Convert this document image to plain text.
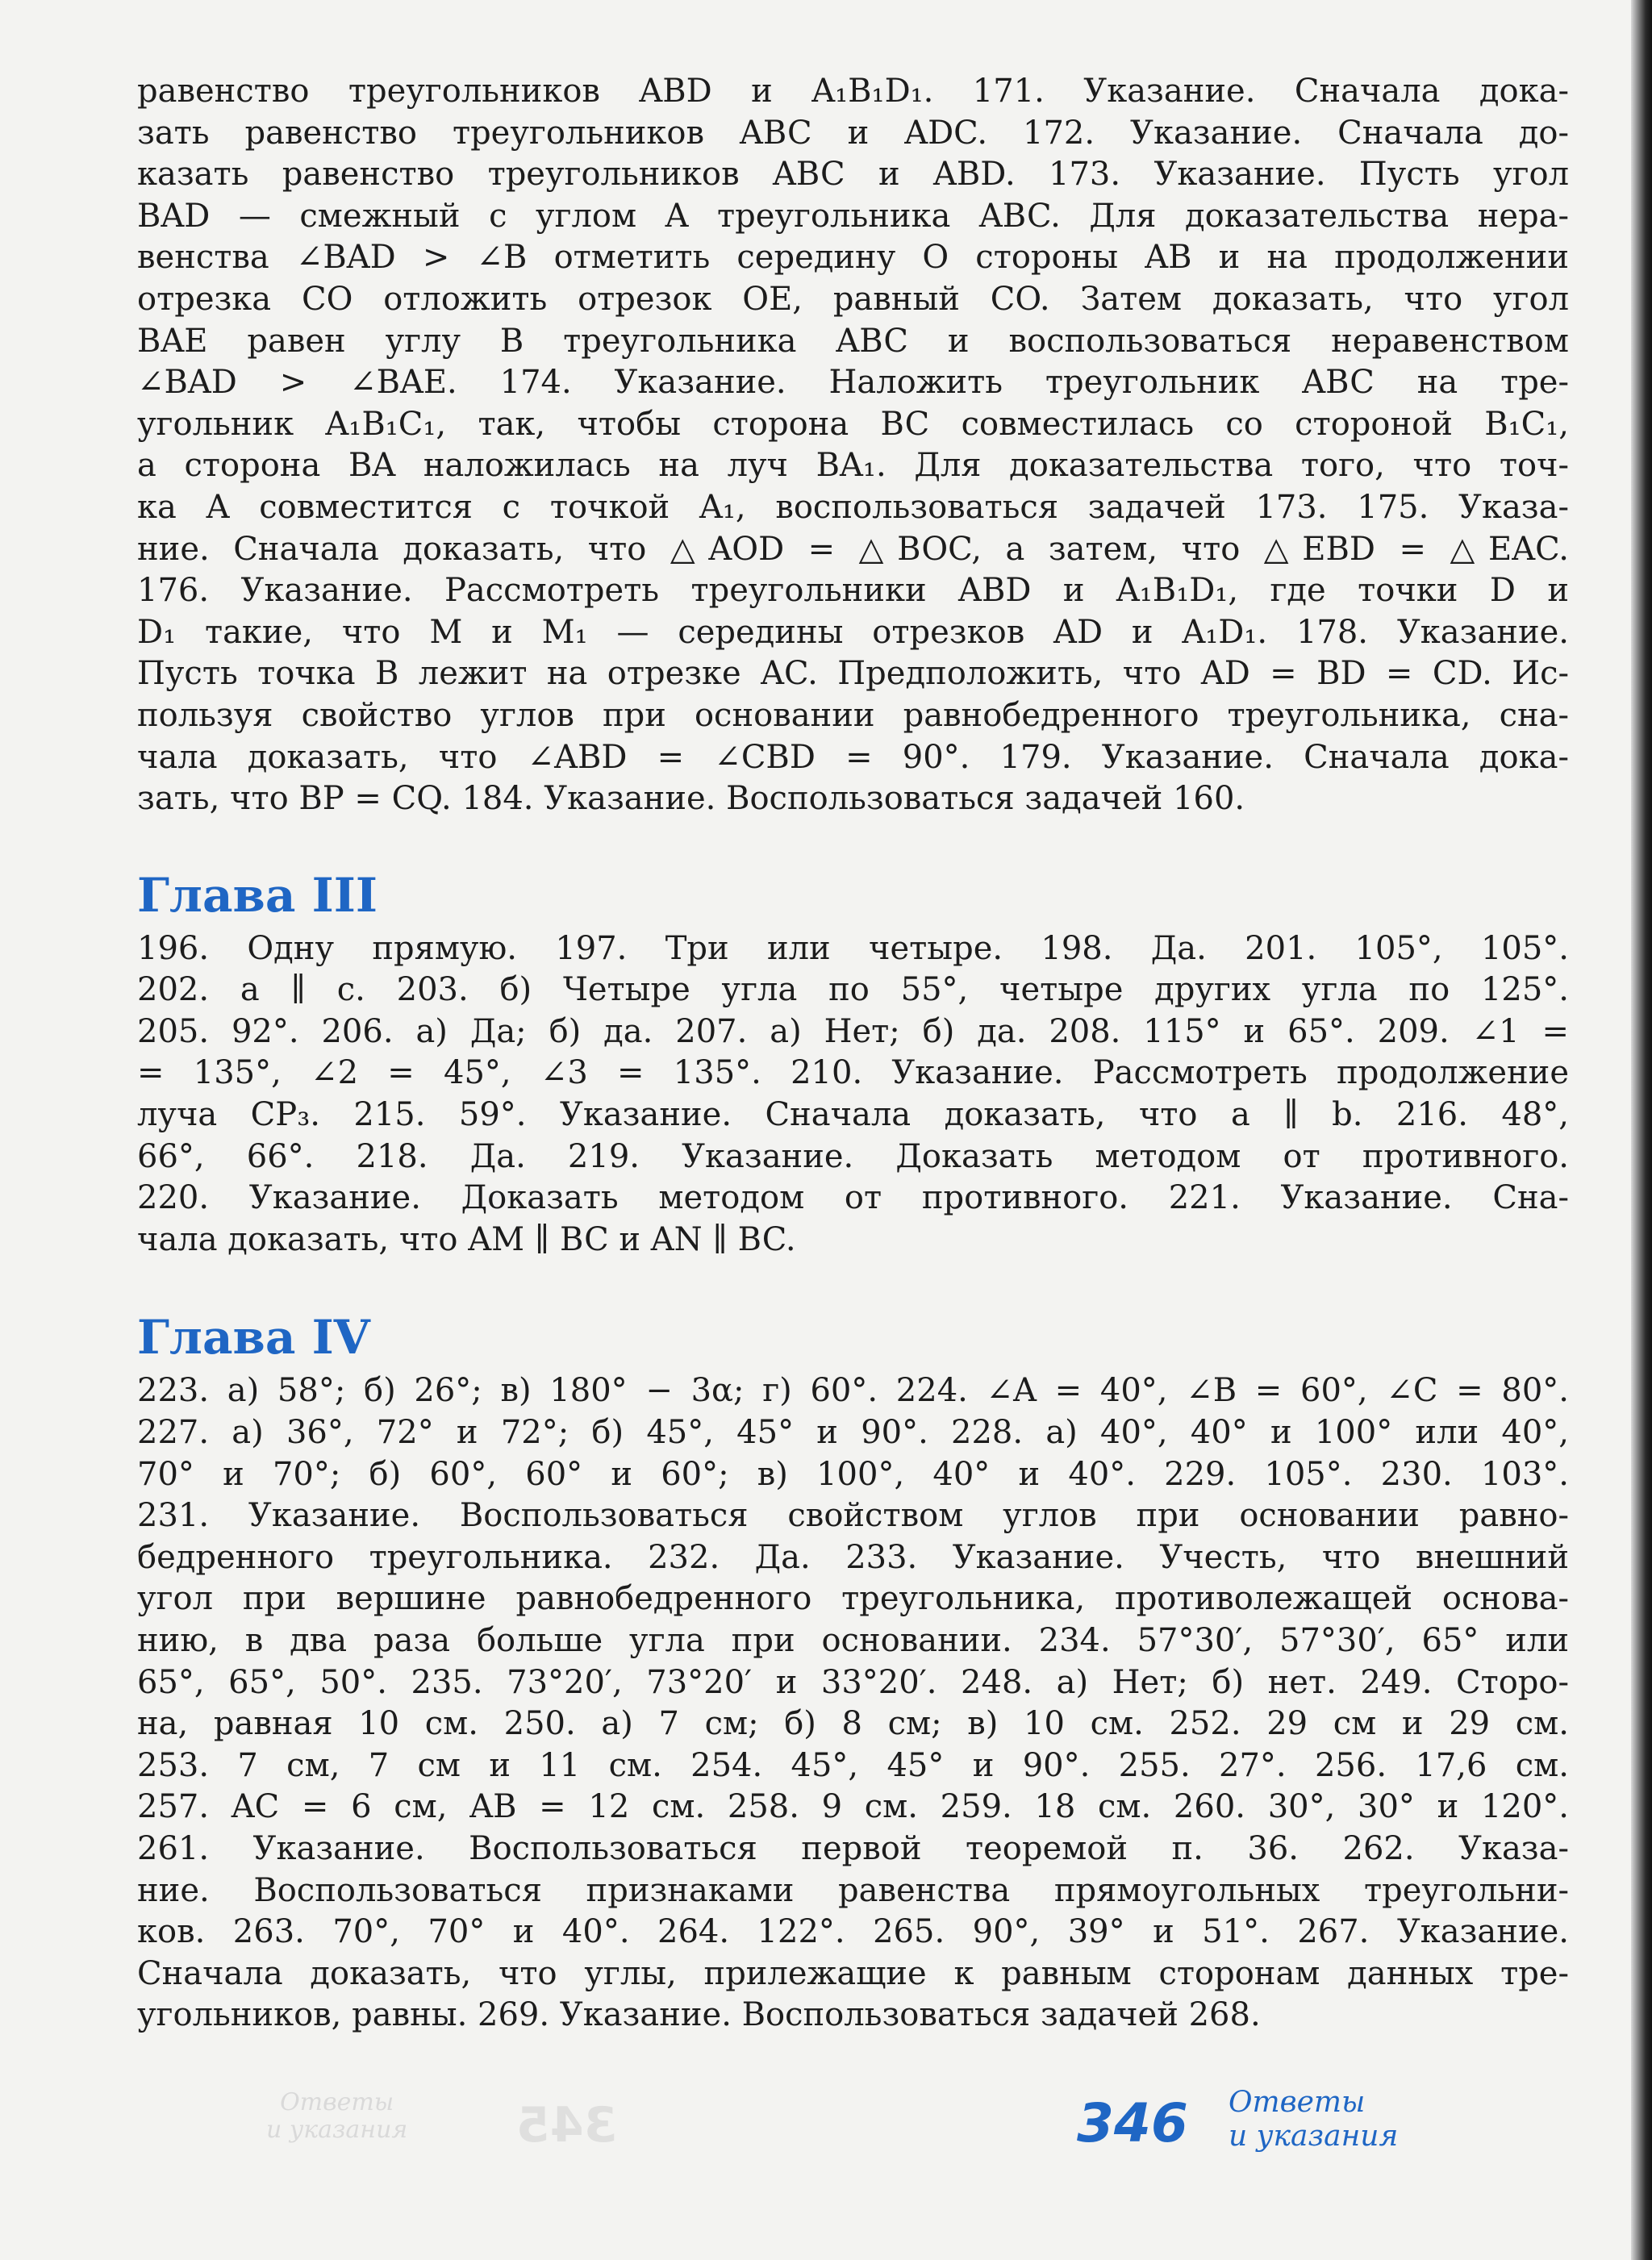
Ответы
и указания 345

равенство треугольников ABD и A₁B₁D₁. 171. Указание. Сначала дока-

зать равенство треугольников ABC и ADC. 172. Указание. Сначала до-

казать равенство треугольников ABC и ABD. 173. Указание. Пусть угол

BAD — смежный с углом A треугольника ABC. Для доказательства нера-

венства ∠BAD > ∠B отметить середину O стороны AB и на продолжении

отрезка CO отложить отрезок OE, равный CO. Затем доказать, что угол

BAE равен углу B треугольника ABC и воспользоваться неравенством

∠BAD > ∠BAE. 174. Указание. Наложить треугольник ABC на тре-

угольник A₁B₁C₁, так, чтобы сторона BC совместилась со стороной B₁C₁,

а сторона BA наложилась на луч BA₁. Для доказательства того, что точ-

ка A совместится с точкой A₁, воспользоваться задачей 173. 175. Указа-

ние. Сначала доказать, что △AOD = △BOC, а затем, что △EBD = △EAC.

176. Указание. Рассмотреть треугольники ABD и A₁B₁D₁, где точки D и

D₁ такие, что M и M₁ — середины отрезков AD и A₁D₁. 178. Указание.

Пусть точка B лежит на отрезке AC. Предположить, что AD = BD = CD. Ис-

пользуя свойство углов при основании равнобедренного треугольника, сна-

чала доказать, что ∠ABD = ∠CBD = 90°. 179. Указание. Сначала дока-

зать, что BP = CQ. 184. Указание. Воспользоваться задачей 160.

Глава III

196. Одну прямую. 197. Три или четыре. 198. Да. 201. 105°, 105°.

202. a ∥ c. 203. б) Четыре угла по 55°, четыре других угла по 125°.

205. 92°. 206. а) Да; б) да. 207. а) Нет; б) да. 208. 115° и 65°. 209. ∠1 =

= 135°, ∠2 = 45°, ∠3 = 135°. 210. Указание. Рассмотреть продолжение

луча CP₃. 215. 59°. Указание. Сначала доказать, что a ∥ b. 216. 48°,

66°, 66°. 218. Да. 219. Указание. Доказать методом от противного.

220. Указание. Доказать методом от противного. 221. Указание. Сна-

чала доказать, что AM ∥ BC и AN ∥ BC.

Глава IV

223. а) 58°; б) 26°; в) 180° − 3α; г) 60°. 224. ∠A = 40°, ∠B = 60°, ∠C = 80°.

227. а) 36°, 72° и 72°; б) 45°, 45° и 90°. 228. а) 40°, 40° и 100° или 40°,

70° и 70°; б) 60°, 60° и 60°; в) 100°, 40° и 40°. 229. 105°. 230. 103°.

231. Указание. Воспользоваться свойством углов при основании равно-

бедренного треугольника. 232. Да. 233. Указание. Учесть, что внешний

угол при вершине равнобедренного треугольника, противолежащей основа-

нию, в два раза больше угла при основании. 234. 57°30′, 57°30′, 65° или

65°, 65°, 50°. 235. 73°20′, 73°20′ и 33°20′. 248. а) Нет; б) нет. 249. Сторо-

на, равная 10 см. 250. а) 7 см; б) 8 см; в) 10 см. 252. 29 см и 29 см.

253. 7 см, 7 см и 11 см. 254. 45°, 45° и 90°. 255. 27°. 256. 17,6 см.

257. AC = 6 см, AB = 12 см. 258. 9 см. 259. 18 см. 260. 30°, 30° и 120°.

261. Указание. Воспользоваться первой теоремой п. 36. 262. Указа-

ние. Воспользоваться признаками равенства прямоугольных треугольни-

ков. 263. 70°, 70° и 40°. 264. 122°. 265. 90°, 39° и 51°. 267. Указание.

Сначала доказать, что углы, прилежащие к равным сторонам данных тре-

угольников, равны. 269. Указание. Воспользоваться задачей 268.

346 Ответы
и указания
